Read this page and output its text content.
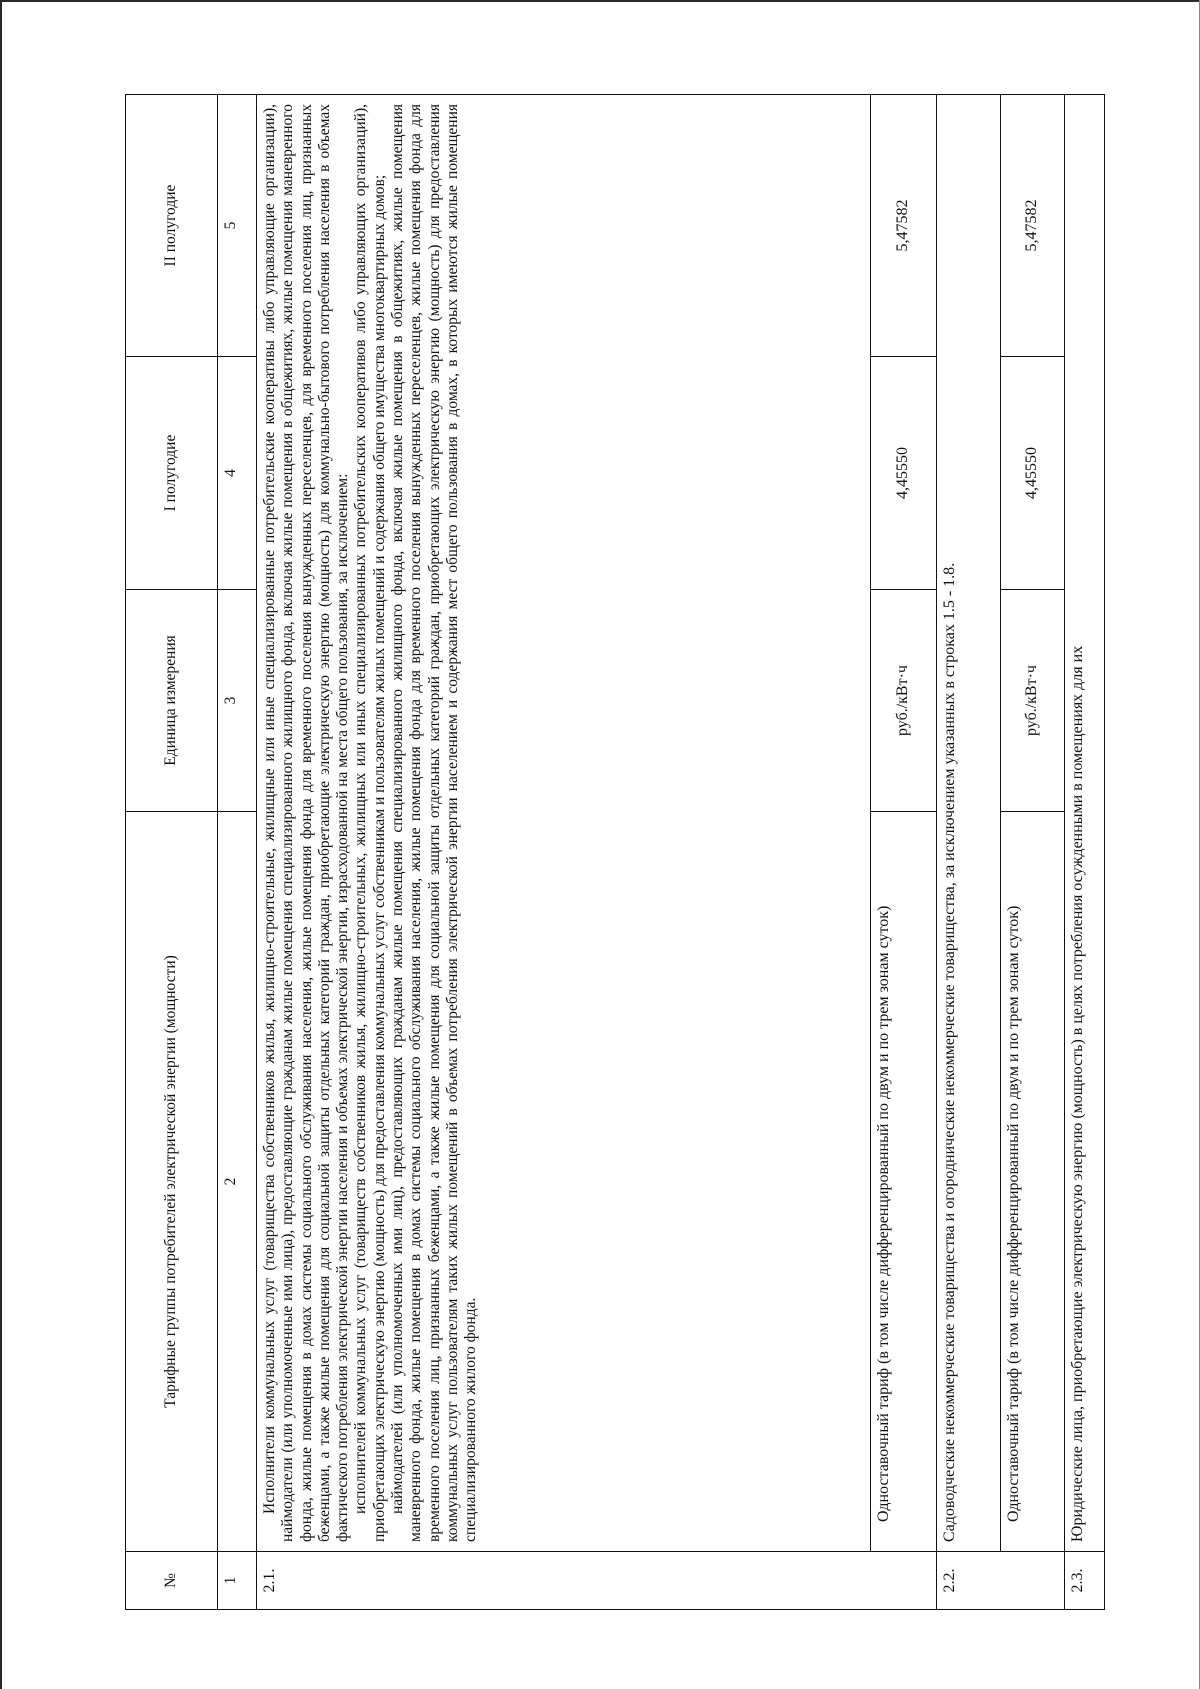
№	Тарифные группы потребителей электрической энергии (мощности)	Единица измерения	I полугодие	II полугодие
1	2	3	4	5
2.1.	Исполнители коммунальных услуг (товарищества собственников жилья, жилищно-строительные, жилищные или иные специализированные потребительские кооперативы либо управляющие организации), наймодатели (или уполномоченные ими лица), предоставляющие гражданам жилые помещения специализированного жилищного фонда, включая жилые помещения в общежитиях, жилые помещения маневренного фонда, жилые помещения в домах системы социального обслуживания населения, жилые помещения фонда для временного поселения вынужденных переселенцев, для временного поселения лиц, признанных беженцами, а также жилые помещения для социальной защиты отдельных категорий граждан, приобретающие электрическую энергию (мощность) для коммунально-бытового потребления населения в объемах фактического потребления электрической энергии населения и объемах электрической энергии, израсходованной на места общего пользования, за исключением: исполнителей коммунальных услуг (товариществ собственников жилья, жилищно-строительных, жилищных или иных специализированных потребительских кооперативов либо управляющих организаций), приобретающих электрическую энергию (мощность) для предоставления коммунальных услуг собственникам и пользователям жилых помещений и содержания общего имущества многоквартирных домов; наймодателей (или уполномоченных ими лиц), предоставляющих гражданам жилые помещения специализированного жилищного фонда, включая жилые помещения в общежитиях, жилые помещения маневренного фонда, жилые помещения в домах системы социального обслуживания населения, жилые помещения фонда для временного поселения вынужденных переселенцев, жилые помещения фонда для временного поселения лиц, признанных беженцами, а также жилые помещения для социальной защиты отдельных категорий граждан, приобретающих электрическую энергию (мощность) для предоставления коммунальных услуг пользователям таких жилых помещений в объемах потребления электрической энергии населением и содержания мест общего пользования в домах, в которых имеются жилые помещения специализированного жилого фонда.			

	Одноставочный тариф (в том числе дифференцированный по двум и по трем зонам суток)	руб./кВт·ч	4,45550	5,47582
2.2.	Садоводческие некоммерческие товарищества и огороднические некоммерческие товарищества, за исключением указанных в строках 1.5 - 1.8.			
	Одноставочный тариф (в том числе дифференцированный по двум и по трем зонам суток)	руб./кВт·ч	4,45550	5,47582
2.3.	Юридические лица, приобретающие электрическую энергию (мощность) в целях потребления осужденными в помещениях для их			
